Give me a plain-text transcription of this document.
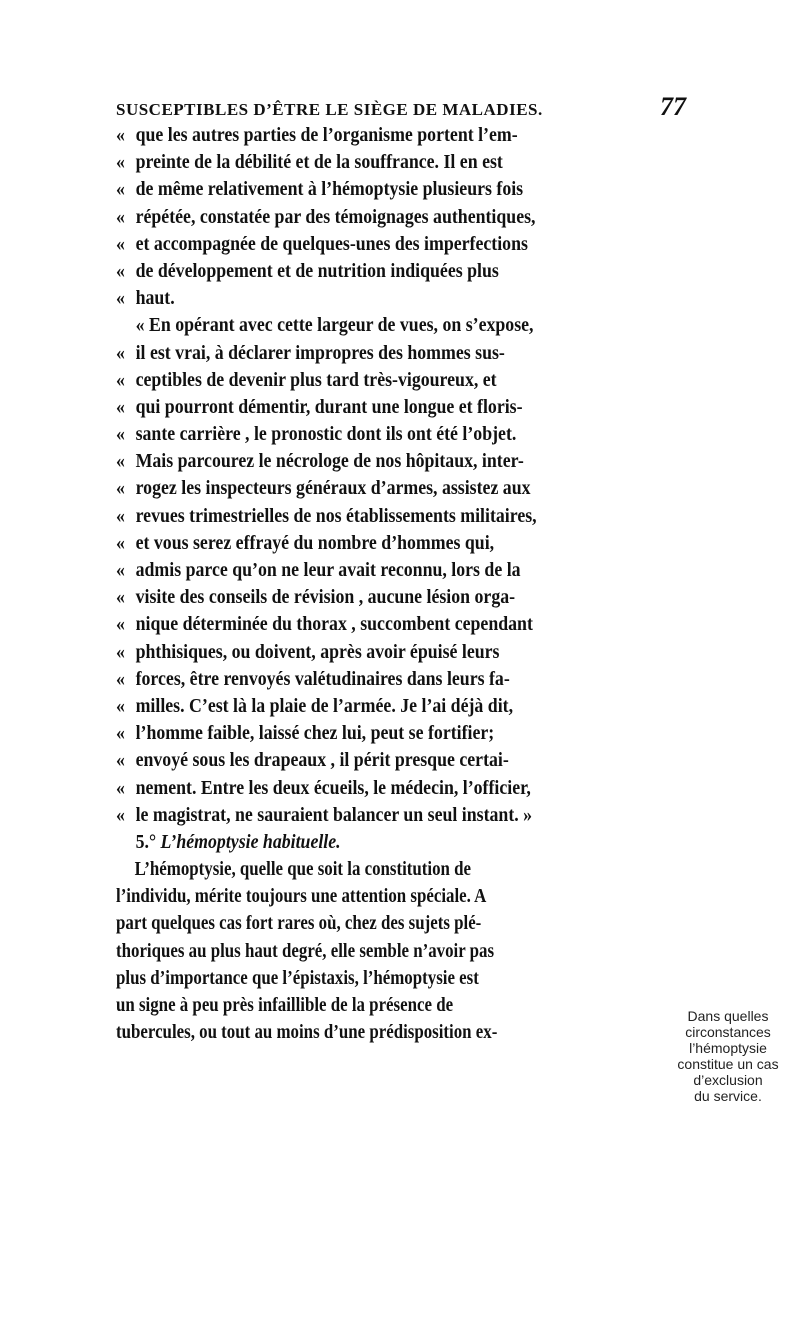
SUSCEPTIBLES D’ÊTRE LE SIÈGE DE MALADIES.	77
« que les autres parties de l’organisme portent l’em-
« preinte de la débilité et de la souffrance. Il en est
« de même relativement à l’hémoptysie plusieurs fois
« répétée, constatée par des témoignages authentiques,
« et accompagnée de quelques-unes des imperfections
« de développement et de nutrition indiquées plus
« haut.
« En opérant avec cette largeur de vues, on s’expose,
« il est vrai, à déclarer impropres des hommes sus-
« ceptibles de devenir plus tard très-vigoureux, et
« qui pourront démentir, durant une longue et floris-
« sante carrière , le pronostic dont ils ont été l’objet.
« Mais parcourez le nécrologe de nos hôpitaux, inter-
« rogez les inspecteurs généraux d’armes, assistez aux
« revues trimestrielles de nos établissements militaires,
« et vous serez effrayé du nombre d’hommes qui,
« admis parce qu’on ne leur avait reconnu, lors de la
« visite des conseils de révision , aucune lésion orga-
« nique déterminée du thorax , succombent cependant
« phthisiques, ou doivent, après avoir épuisé leurs
« forces, être renvoyés valétudinaires dans leurs fa-
« milles. C’est là la plaie de l’armée. Je l’ai déjà dit,
« l’homme faible, laissé chez lui, peut se fortifier;
« envoyé sous les drapeaux , il périt presque certai-
« nement. Entre les deux écueils, le médecin, l’officier,
« le magistrat, ne sauraient balancer un seul instant. »
5.°
L’hémoptysie habituelle.
L’hémoptysie, quelle que soit la constitution de
l’individu, mérite toujours une attention spéciale. A
part quelques cas fort rares où, chez des sujets plé-
thoriques au plus haut degré, elle semble n’avoir pas
plus d’importance que l’épistaxis, l’hémoptysie est
un signe à peu près infaillible de la présence de
tubercules, ou tout au moins d’une prédisposition ex-
Dans quelles
circonstances
l’hémoptysie
constitue un cas
d’exclusion
du service.
